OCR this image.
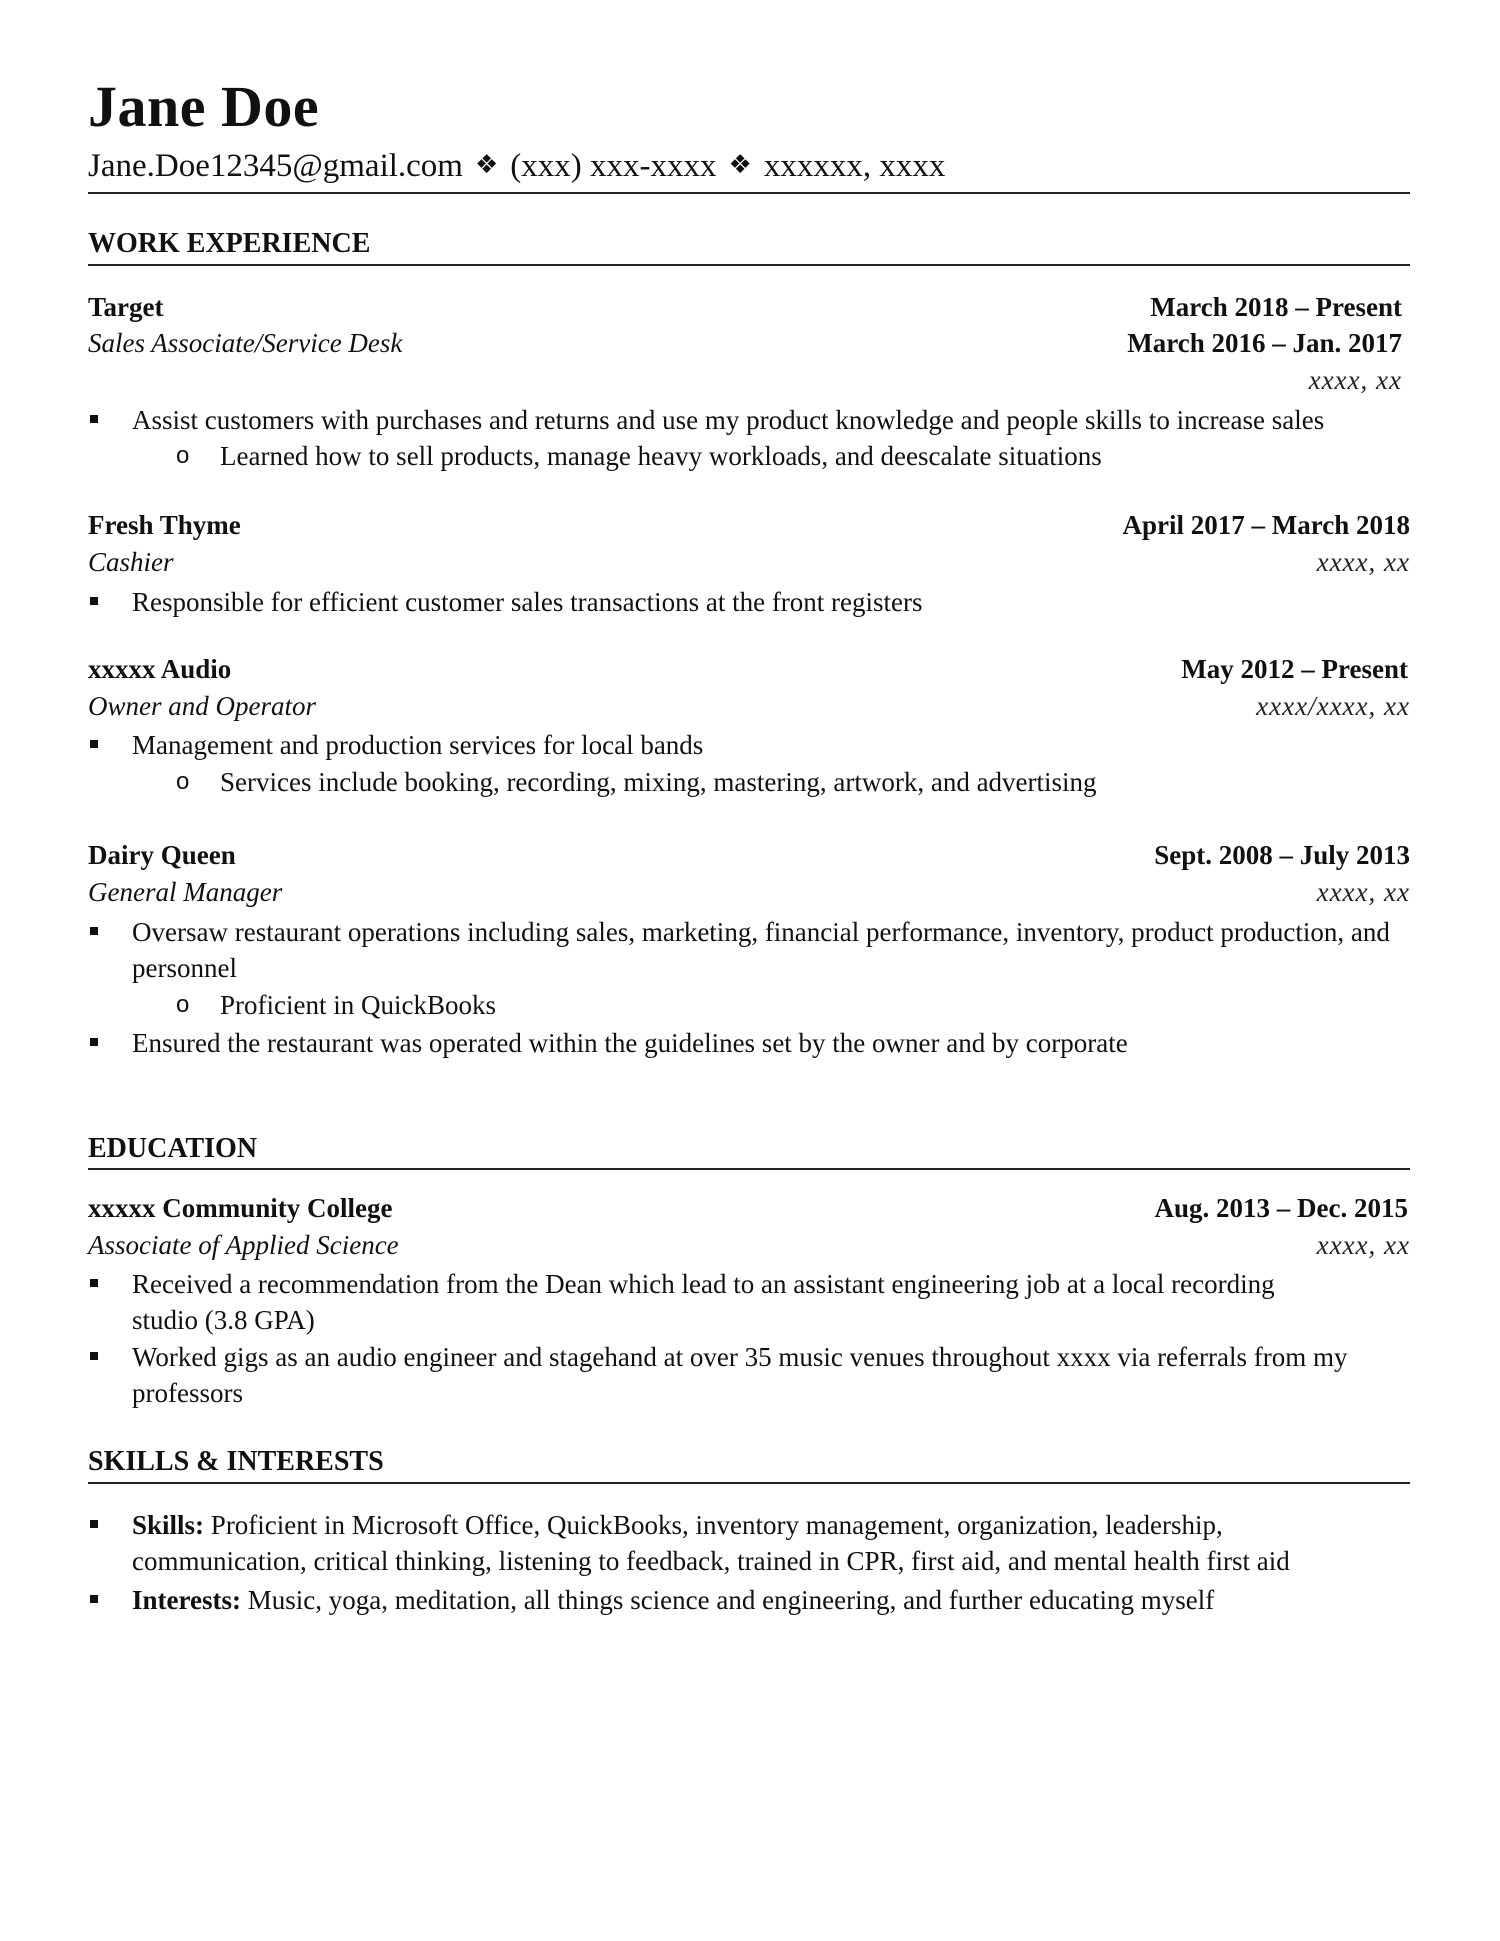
Jane Doe
Jane.Doe12345@gmail.com ❖ (xxx) xxx-xxxx ❖ xxxxxx, xxxx
WORK EXPERIENCE
Target	March 2018 – Present
Sales Associate/Service Desk	March 2016 – Jan. 2017
xxxx, xx
Assist customers with purchases and returns and use my product knowledge and people skills to increase sales
o Learned how to sell products, manage heavy workloads, and deescalate situations
Fresh Thyme	April 2017 – March 2018
Cashier	xxxx, xx
Responsible for efficient customer sales transactions at the front registers
xxxxx Audio	May 2012 – Present
Owner and Operator	xxxx/xxxx, xx
Management and production services for local bands
o Services include booking, recording, mixing, mastering, artwork, and advertising
Dairy Queen	Sept. 2008 – July 2013
General Manager	xxxx, xx
Oversaw restaurant operations including sales, marketing, financial performance, inventory, product production, and personnel
o Proficient in QuickBooks
Ensured the restaurant was operated within the guidelines set by the owner and by corporate
EDUCATION
xxxxx Community College	Aug. 2013 – Dec. 2015
Associate of Applied Science	xxxx, xx
Received a recommendation from the Dean which lead to an assistant engineering job at a local recording studio (3.8 GPA)
Worked gigs as an audio engineer and stagehand at over 35 music venues throughout xxxx via referrals from my professors
SKILLS & INTERESTS
Skills: Proficient in Microsoft Office, QuickBooks, inventory management, organization, leadership, communication, critical thinking, listening to feedback, trained in CPR, first aid, and mental health first aid
Interests: Music, yoga, meditation, all things science and engineering, and further educating myself
